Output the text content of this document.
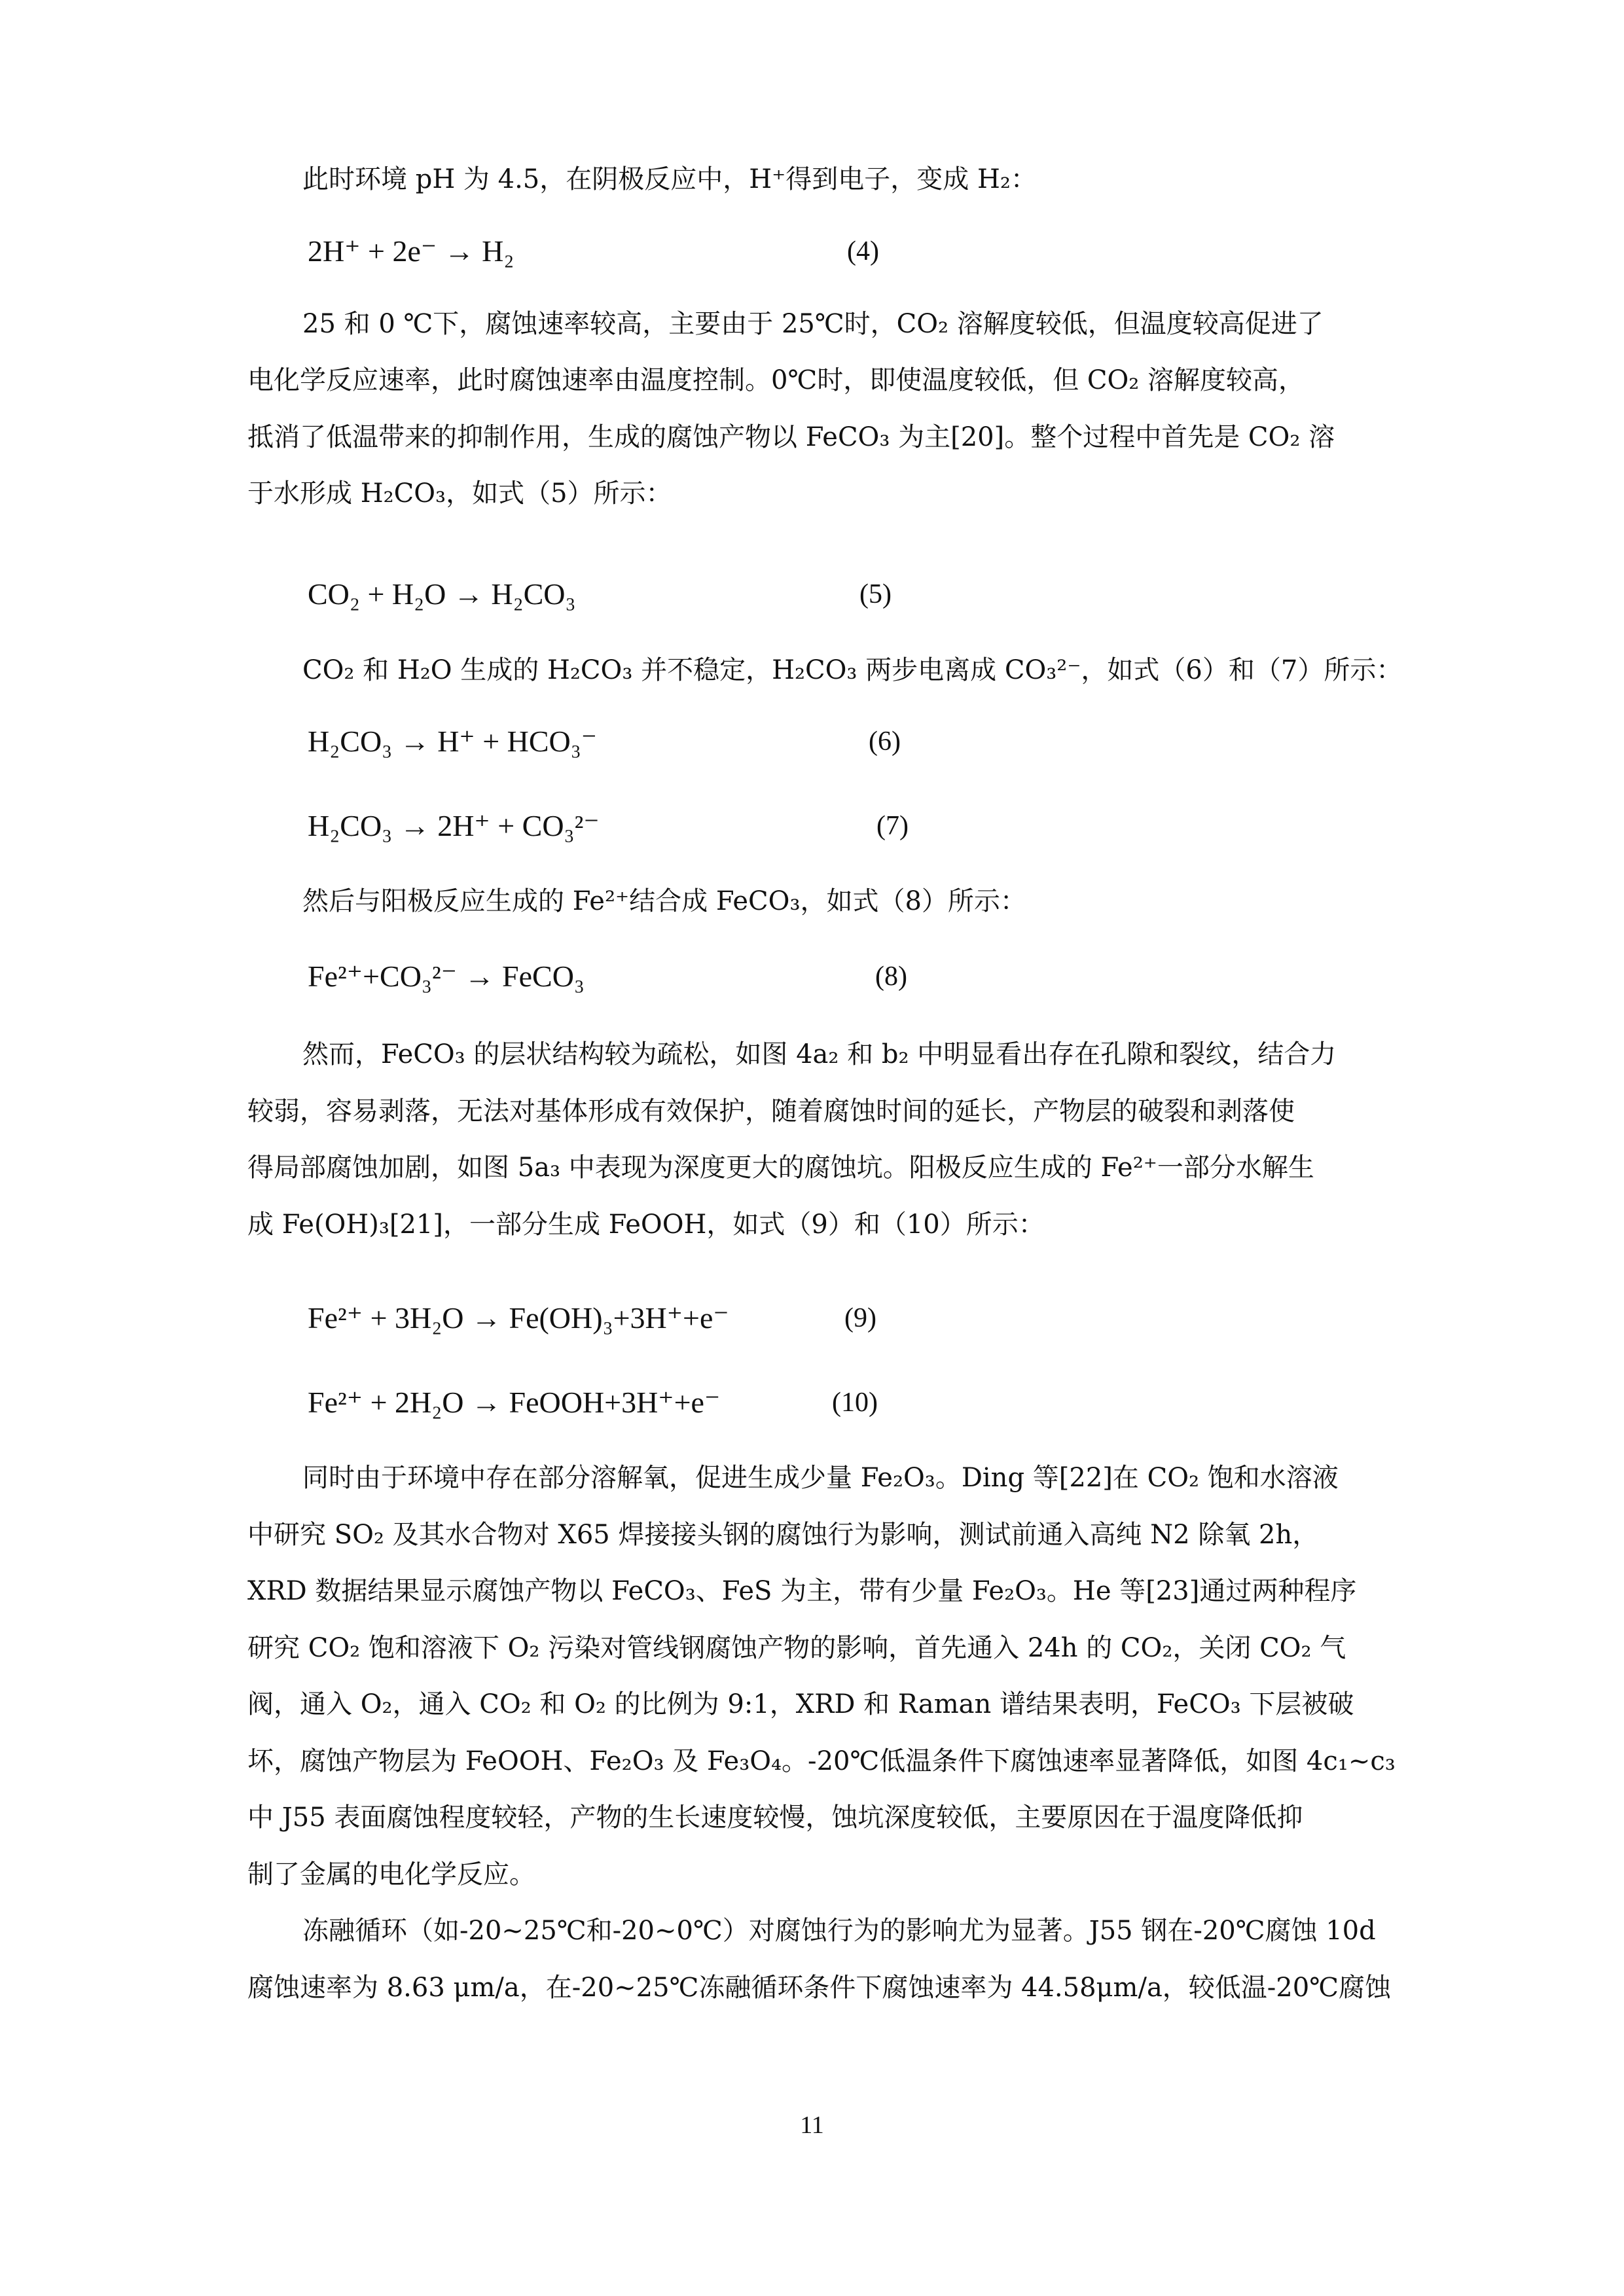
此时环境 pH 为 4.5，在阴极反应中，H⁺得到电子，变成 H₂：
2H⁺ + 2e⁻ → H₂	(4)
25 和 0 ℃下，腐蚀速率较高，主要由于 25℃时，CO₂ 溶解度较低，但温度较高促进了
电化学反应速率，此时腐蚀速率由温度控制。0℃时，即使温度较低，但 CO₂ 溶解度较高，
抵消了低温带来的抑制作用，生成的腐蚀产物以 FeCO₃ 为主[20]。整个过程中首先是 CO₂ 溶
于水形成 H₂CO₃，如式（5）所示：
CO₂ + H₂O → H₂CO₃	(5)
CO₂ 和 H₂O 生成的 H₂CO₃ 并不稳定，H₂CO₃ 两步电离成 CO₃²⁻，如式（6）和（7）所示：
H₂CO₃ → H⁺ + HCO₃⁻	(6)
H₂CO₃ → 2H⁺ + CO₃²⁻	(7)
然后与阳极反应生成的 Fe²⁺结合成 FeCO₃，如式（8）所示：
Fe²⁺+CO₃²⁻ → FeCO₃	(8)
然而，FeCO₃ 的层状结构较为疏松，如图 4a₂ 和 b₂ 中明显看出存在孔隙和裂纹，结合力
较弱，容易剥落，无法对基体形成有效保护，随着腐蚀时间的延长，产物层的破裂和剥落使
得局部腐蚀加剧，如图 5a₃ 中表现为深度更大的腐蚀坑。阳极反应生成的 Fe²⁺一部分水解生
成 Fe(OH)₃[21]，一部分生成 FeOOH，如式（9）和（10）所示：
Fe²⁺ + 3H₂O → Fe(OH)₃+3H⁺+e⁻	(9)
Fe²⁺ + 2H₂O → FeOOH+3H⁺+e⁻	(10)
同时由于环境中存在部分溶解氧，促进生成少量 Fe₂O₃。Ding 等[22]在 CO₂ 饱和水溶液
中研究 SO₂ 及其水合物对 X65 焊接接头钢的腐蚀行为影响，测试前通入高纯 N2 除氧 2h，
XRD 数据结果显示腐蚀产物以 FeCO₃、FeS 为主，带有少量 Fe₂O₃。He 等[23]通过两种程序
研究 CO₂ 饱和溶液下 O₂ 污染对管线钢腐蚀产物的影响，首先通入 24h 的 CO₂，关闭 CO₂ 气
阀，通入 O₂，通入 CO₂ 和 O₂ 的比例为 9:1，XRD 和 Raman 谱结果表明，FeCO₃ 下层被破
坏，腐蚀产物层为 FeOOH、Fe₂O₃ 及 Fe₃O₄。-20℃低温条件下腐蚀速率显著降低，如图 4c₁~c₃
中 J55 表面腐蚀程度较轻，产物的生长速度较慢，蚀坑深度较低，主要原因在于温度降低抑
制了金属的电化学反应。
冻融循环（如-20~25℃和-20~0℃）对腐蚀行为的影响尤为显著。J55 钢在-20℃腐蚀 10d
腐蚀速率为 8.63 μm/a，在-20~25℃冻融循环条件下腐蚀速率为 44.58μm/a，较低温-20℃腐蚀
11
